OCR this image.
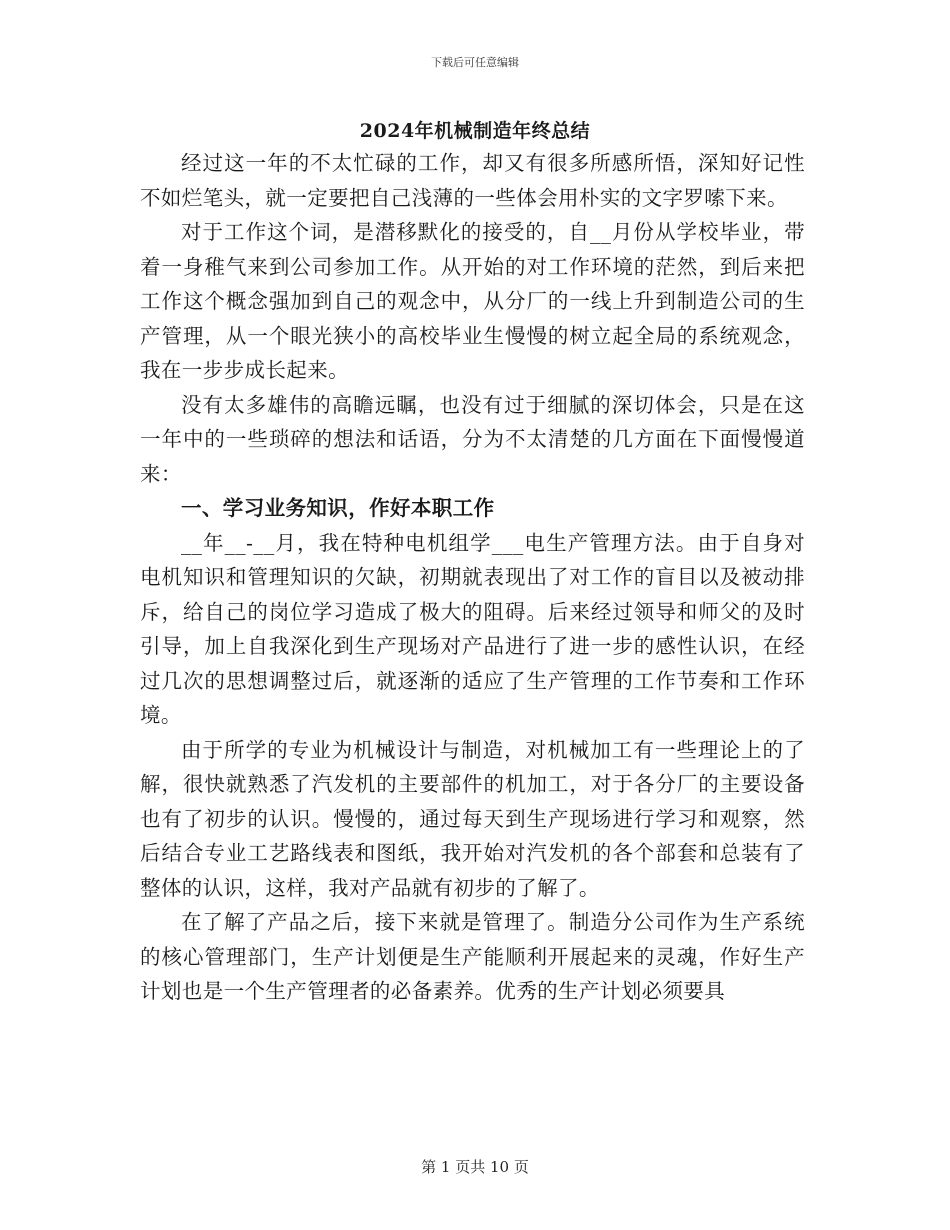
下载后可任意编辑
2024年机械制造年终总结

经过这一年的不太忙碌的工作，却又有很多所感所悟，深知好记性不如烂笔头，就一定要把自己浅薄的一些体会用朴实的文字罗嗦下来。

对于工作这个词，是潜移默化的接受的，自__月份从学校毕业，带着一身稚气来到公司参加工作。从开始的对工作环境的茫然，到后来把工作这个概念强加到自己的观念中，从分厂的一线上升到制造公司的生产管理，从一个眼光狭小的高校毕业生慢慢的树立起全局的系统观念，我在一步步成长起来。

没有太多雄伟的高瞻远瞩，也没有过于细腻的深切体会，只是在这一年中的一些琐碎的想法和话语，分为不太清楚的几方面在下面慢慢道来：

一、学习业务知识，作好本职工作

__年__-__月，我在特种电机组学___电生产管理方法。由于自身对电机知识和管理知识的欠缺，初期就表现出了对工作的盲目以及被动排斥，给自己的岗位学习造成了极大的阻碍。后来经过领导和师父的及时引导，加上自我深化到生产现场对产品进行了进一步的感性认识，在经过几次的思想调整过后，就逐渐的适应了生产管理的工作节奏和工作环境。

由于所学的专业为机械设计与制造，对机械加工有一些理论上的了解，很快就熟悉了汽发机的主要部件的机加工，对于各分厂的主要设备也有了初步的认识。慢慢的，通过每天到生产现场进行学习和观察，然后结合专业工艺路线表和图纸，我开始对汽发机的各个部套和总装有了整体的认识，这样，我对产品就有初步的了解了。

在了解了产品之后，接下来就是管理了。制造分公司作为生产系统的核心管理部门，生产计划便是生产能顺利开展起来的灵魂，作好生产计划也是一个生产管理者的必备素养。优秀的生产计划必须要具

第 1 页共 10 页
